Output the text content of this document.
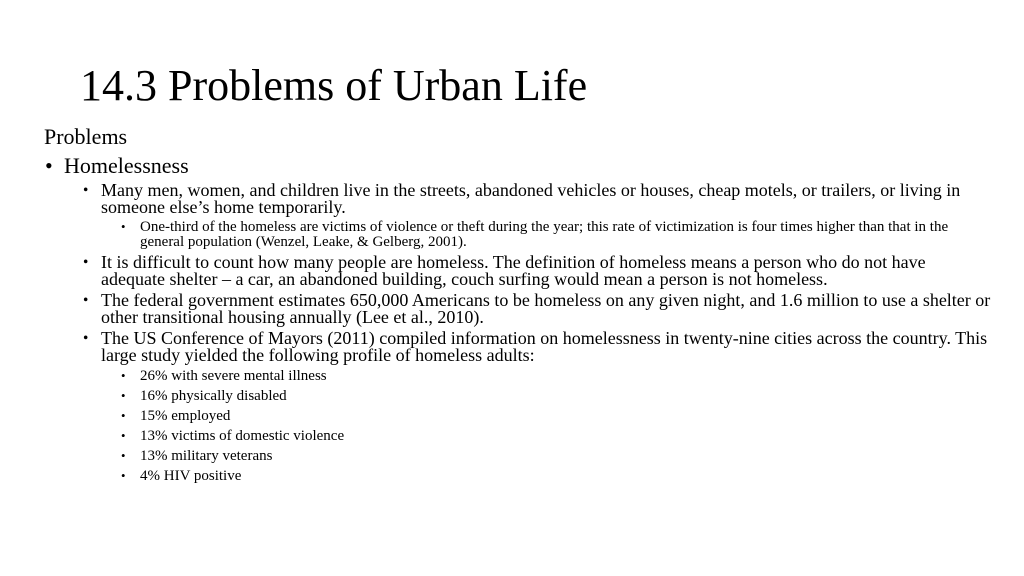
14.3 Problems of Urban Life
Problems
• Homelessness
• Many men, women, and children live in the streets, abandoned vehicles or houses, cheap motels, or trailers, or living in someone else’s home temporarily.
• One-third of the homeless are victims of violence or theft during the year; this rate of victimization is four times higher than that in the general population (Wenzel, Leake, & Gelberg, 2001).
• It is difficult to count how many people are homeless. The definition of homeless means a person who do not have adequate shelter – a car, an abandoned building, couch surfing would mean a person is not homeless.
• The federal government estimates 650,000 Americans to be homeless on any given night, and 1.6 million to use a shelter or other transitional housing annually (Lee et al., 2010).
• The US Conference of Mayors (2011) compiled information on homelessness in twenty-nine cities across the country. This large study yielded the following profile of homeless adults:
• 26% with severe mental illness
• 16% physically disabled
• 15% employed
• 13% victims of domestic violence
• 13% military veterans
• 4% HIV positive
